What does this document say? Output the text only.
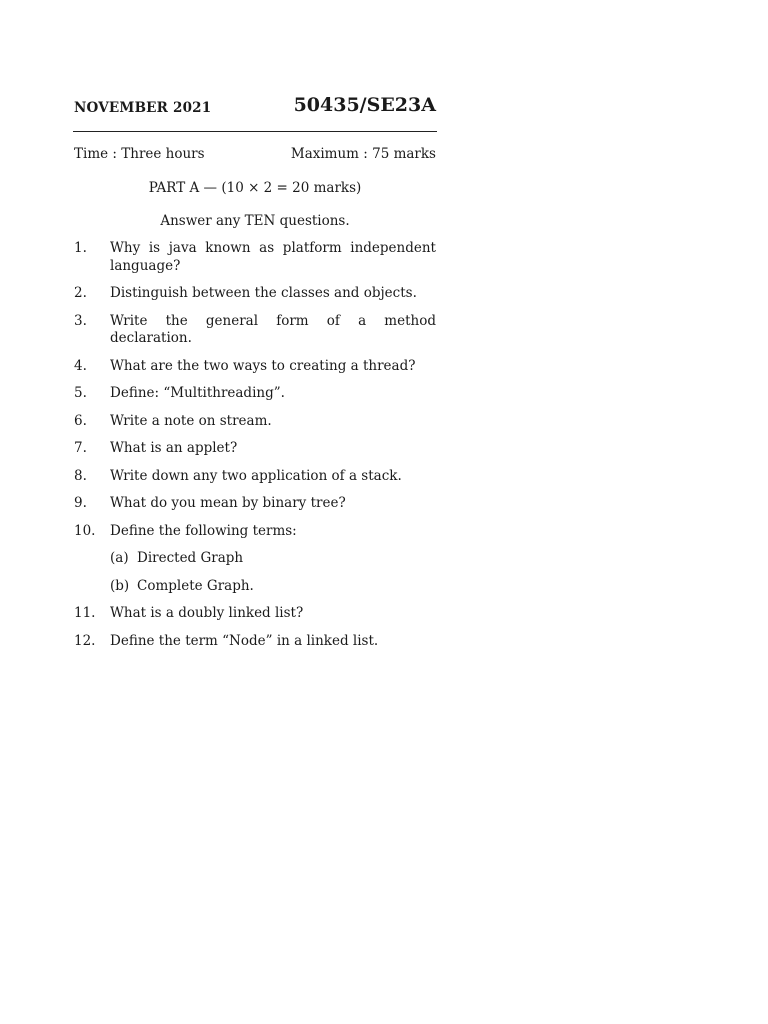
NOVEMBER 2021	50435/SE23A
Time : Three hours	Maximum : 75 marks
PART A — (10 × 2 = 20 marks)
Answer any TEN questions.
1. Why is java known as platform independent language?
2. Distinguish between the classes and objects.
3. Write the general form of a method declaration.
4. What are the two ways to creating a thread?
5. Define: “Multithreading”.
6. Write a note on stream.
7. What is an applet?
8. Write down any two application of a stack.
9. What do you mean by binary tree?
10. Define the following terms:
(a) Directed Graph
(b) Complete Graph.
11. What is a doubly linked list?
12. Define the term “Node” in a linked list.
